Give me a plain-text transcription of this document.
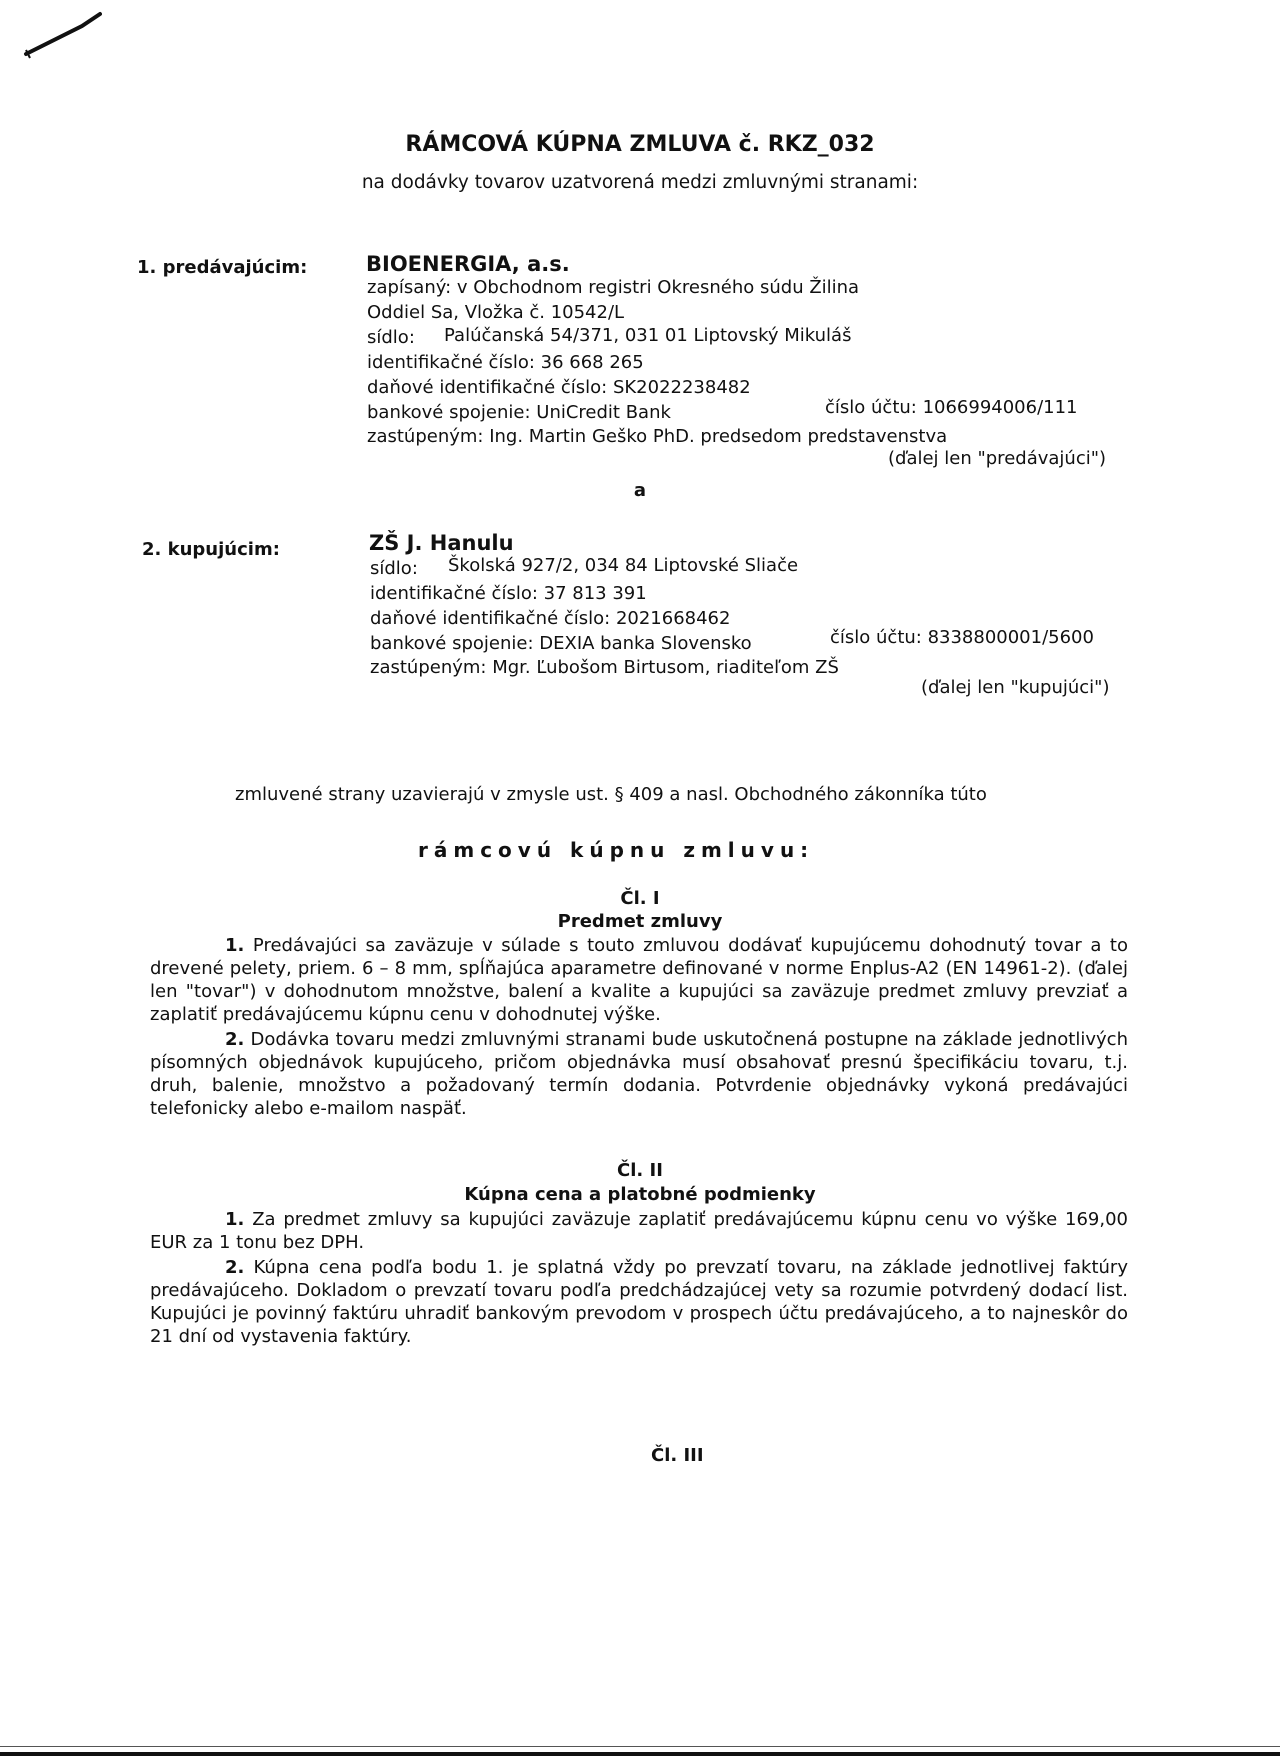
RÁMCOVÁ KÚPNA ZMLUVA č. RKZ_032
na dodávky tovarov uzatvorená medzi zmluvnými stranami:
1. predávajúcim:	BIOENERGIA, a.s.
zapísaný: v Obchodnom registri Okresného súdu Žilina
Oddiel Sa, Vložka č. 10542/L
sídlo: Palúčanská 54/371, 031 01 Liptovský Mikuláš
identifikačné číslo: 36 668 265
daňové identifikačné číslo: SK2022238482
bankové spojenie: UniCredit Bank	číslo účtu: 1066994006/111
zastúpeným: Ing. Martin Geško PhD. predsedom predstavenstva
(ďalej len "predávajúci")
a
2. kupujúcim:	ZŠ J. Hanulu
sídlo: Školská 927/2, 034 84 Liptovské Sliače
identifikačné číslo: 37 813 391
daňové identifikačné číslo: 2021668462
bankové spojenie: DEXIA banka Slovensko	číslo účtu: 8338800001/5600
zastúpeným: Mgr. Ľubošom Birtusom, riaditeľom ZŠ
(ďalej len "kupujúci")
zmluvené strany uzavierajú v zmysle ust. § 409 a nasl. Obchodného zákonníka túto
rámcovú kúpnu zmluvu:
Čl. I
Predmet zmluvy
1. Predávajúci sa zaväzuje v súlade s touto zmluvou dodávať kupujúcemu dohodnutý tovar a to drevené pelety, priem. 6 – 8 mm, spĺňajúca aparametre definované v norme Enplus-A2 (EN 14961-2). (ďalej len "tovar") v dohodnutom množstve, balení a kvalite a kupujúci sa zaväzuje predmet zmluvy prevziať a zaplatiť predávajúcemu kúpnu cenu v dohodnutej výške.
2. Dodávka tovaru medzi zmluvnými stranami bude uskutočnená postupne na základe jednotlivých písomných objednávok kupujúceho, pričom objednávka musí obsahovať presnú špecifikáciu tovaru, t.j. druh, balenie, množstvo a požadovaný termín dodania. Potvrdenie objednávky vykoná predávajúci telefonicky alebo e-mailom naspäť.
Čl. II
Kúpna cena a platobné podmienky
1. Za predmet zmluvy sa kupujúci zaväzuje zaplatiť predávajúcemu kúpnu cenu vo výške 169,00 EUR za 1 tonu bez DPH.
2. Kúpna cena podľa bodu 1. je splatná vždy po prevzatí tovaru, na základe jednotlivej faktúry predávajúceho. Dokladom o prevzatí tovaru podľa predchádzajúcej vety sa rozumie potvrdený dodací list. Kupujúci je povinný faktúru uhradiť bankovým prevodom v prospech účtu predávajúceho, a to najneskôr do 21 dní od vystavenia faktúry.
Čl. III
